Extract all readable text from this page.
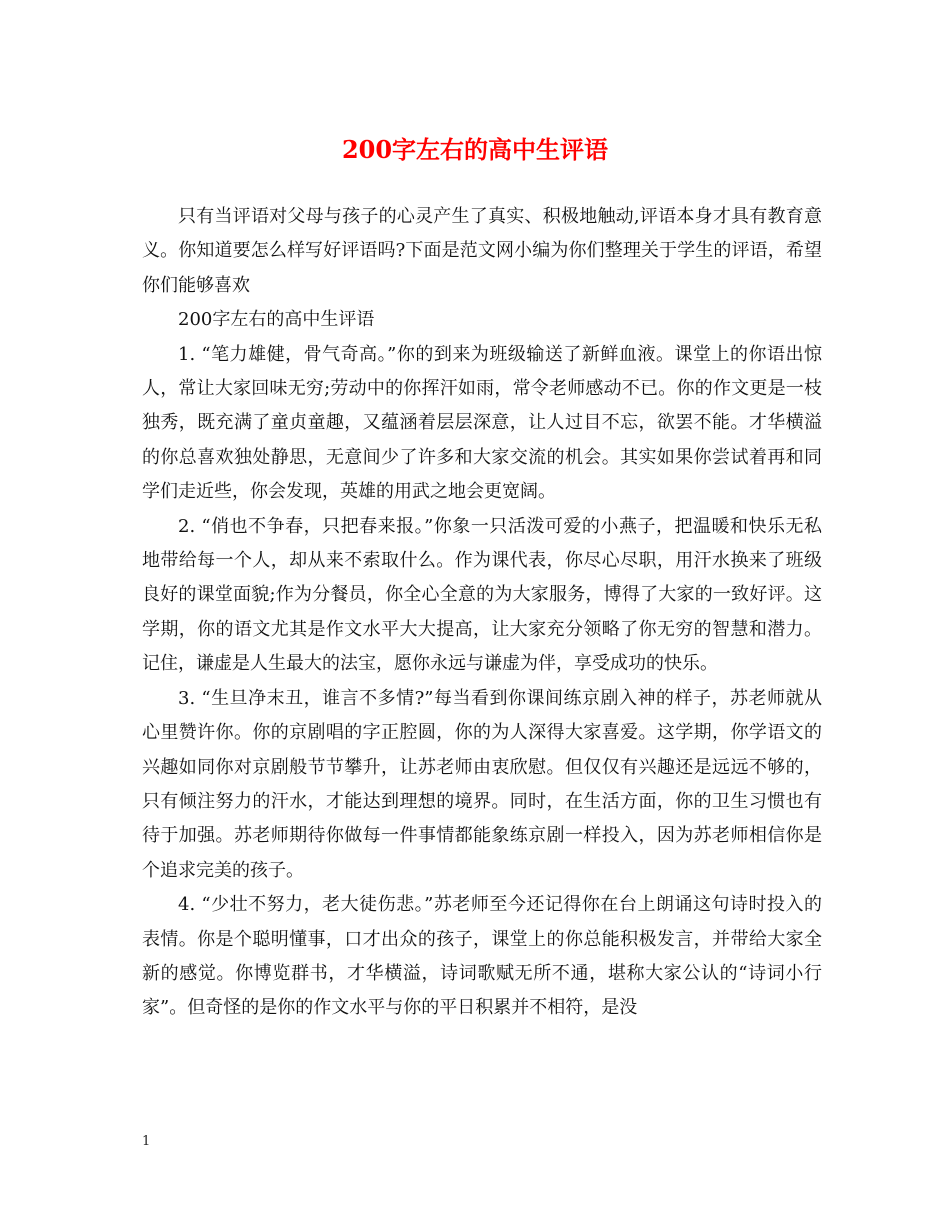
200字左右的高中生评语

只有当评语对父母与孩子的心灵产生了真实、积极地触动,评语本身才具有教育意义。你知道要怎么样写好评语吗?下面是范文网小编为你们整理关于学生的评语，希望你们能够喜欢

200字左右的高中生评语

1. “笔力雄健，骨气奇高。”你的到来为班级输送了新鲜血液。课堂上的你语出惊人，常让大家回味无穷;劳动中的你挥汗如雨，常令老师感动不已。你的作文更是一枝独秀，既充满了童贞童趣，又蕴涵着层层深意，让人过目不忘，欲罢不能。才华横溢的你总喜欢独处静思，无意间少了许多和大家交流的机会。其实如果你尝试着再和同学们走近些，你会发现，英雄的用武之地会更宽阔。

2. “俏也不争春，只把春来报。”你象一只活泼可爱的小燕子，把温暖和快乐无私地带给每一个人，却从来不索取什么。作为课代表，你尽心尽职，用汗水换来了班级良好的课堂面貌;作为分餐员，你全心全意的为大家服务，博得了大家的一致好评。这学期，你的语文尤其是作文水平大大提高，让大家充分领略了你无穷的智慧和潜力。记住，谦虚是人生最大的法宝，愿你永远与谦虚为伴，享受成功的快乐。

3. “生旦净末丑，谁言不多情?”每当看到你课间练京剧入神的样子，苏老师就从心里赞许你。你的京剧唱的字正腔圆，你的为人深得大家喜爱。这学期，你学语文的兴趣如同你对京剧般节节攀升，让苏老师由衷欣慰。但仅仅有兴趣还是远远不够的，只有倾注努力的汗水，才能达到理想的境界。同时，在生活方面，你的卫生习惯也有待于加强。苏老师期待你做每一件事情都能象练京剧一样投入，因为苏老师相信你是个追求完美的孩子。

4. “少壮不努力，老大徒伤悲。”苏老师至今还记得你在台上朗诵这句诗时投入的表情。你是个聪明懂事，口才出众的孩子，课堂上的你总能积极发言，并带给大家全新的感觉。你博览群书，才华横溢，诗词歌赋无所不通，堪称大家公认的“诗词小行家”。但奇怪的是你的作文水平与你的平日积累并不相符，是没

1
